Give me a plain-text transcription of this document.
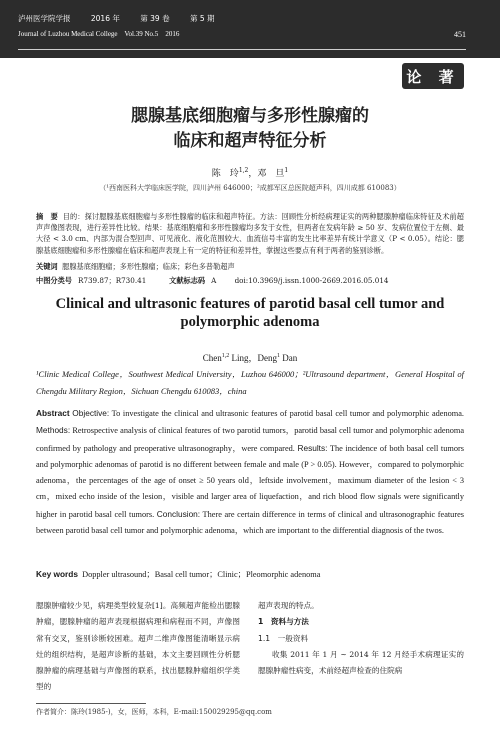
泸州医学院学报	2016 年	第 39 卷	第 5 期
Journal of Luzhou Medical College Vol.39 No.5 2016	451
论 著
腮腺基底细胞瘤与多形性腺瘤的
临床和超声特征分析
陈　玲$^{1,2}$，邓　旦$^1$
（¹西南医科大学临床医学院，四川泸州 646000；²成都军区总医院超声科，四川成都 610083）
摘　要 目的：探讨腮腺基底细胞瘤与多形性腺瘤的临床和超声特征。方法：回顾性分析经病理证实的两种腮腺肿瘤临床特征及术前超声声像图表现，进行差异性比较。结果：基底细胞瘤和多形性腺瘤均多发于女性，但两者在发病年龄 ≥ 50 岁、发病位置位于左侧、最大径 < 3.0 cm、内部为混合型回声、可见液化、液化范围较大、血流信号丰富的发生比率差异有统计学意义（P < 0.05）。结论：腮腺基底细胞瘤和多形性腺瘤在临床和超声表现上有一定的特征和差异性，掌握这些要点有利于两者的鉴别诊断。
关键词 腮腺基底细胞瘤；多形性腺瘤；临床；彩色多普勒超声
中图分类号 R739.87；R730.41	文献标志码 A	doi:10.3969/j.issn.1000-2669.2016.05.014
Clinical and ultrasonic features of parotid basal cell tumor and
polymorphic adenoma
Chen$^{1,2}$ Ling，Deng$^1$ Dan
¹Clinic Medical College，Southwest Medical University，Luzhou 646000；²Ultrasound department，General Hospital of Chengdu Military Region，Sichuan Chengdu 610083，china
Abstract Objective: To investigate the clinical and ultrasonic features of parotid basal cell tumor and polymorphic adenoma. Methods: Retrospective analysis of clinical features of two parotid tumors，parotid basal cell tumor and polymorphic adenoma confirmed by pathology and preoperative ultrasonography，were compared. Results: The incidence of both basal cell tumors and polymorphic adenomas of parotid is no different between female and male (P > 0.05). However，compared to polymorphic adenoma，the percentages of the age of onset ≥ 50 years old，leftside involvement，maximum diameter of the lesion < 3 cm，mixed echo inside of the lesion，visible and larger area of liquefaction，and rich blood flow signals were significantly higher in parotid basal cell tumors. Conclusion: There are certain difference in terms of clinical and ultrasonographic features between parotid basal cell tumor and polymorphic adenoma，which are important to the differential diagnosis of the twos.
Key words Doppler ultrasound；Basal cell tumor；Clinic；Pleomorphic adenoma
腮腺肿瘤较少见，病理类型较复杂[1]。高频超声能检出腮腺肿瘤，腮腺肿瘤的超声表现根据病理和病程而不同，声像图常有交叉，鉴别诊断较困难。超声二维声像图能清晰显示病灶的组织结构，是超声诊断的基础，本文主要回顾性分析腮腺肿瘤的病理基础与声像图的联系，找出腮腺肿瘤组织学类型的
超声表现的特点。
1　资料与方法
1.1　一般资料
收集 2011 年 1 月 ~ 2014 年 12 月经手术病理证实的腮腺肿瘤性病变，术前经超声检查的住院病
作者简介：陈玲(1985-)，女，医师，本科，E-mail:150029295@qq.com
